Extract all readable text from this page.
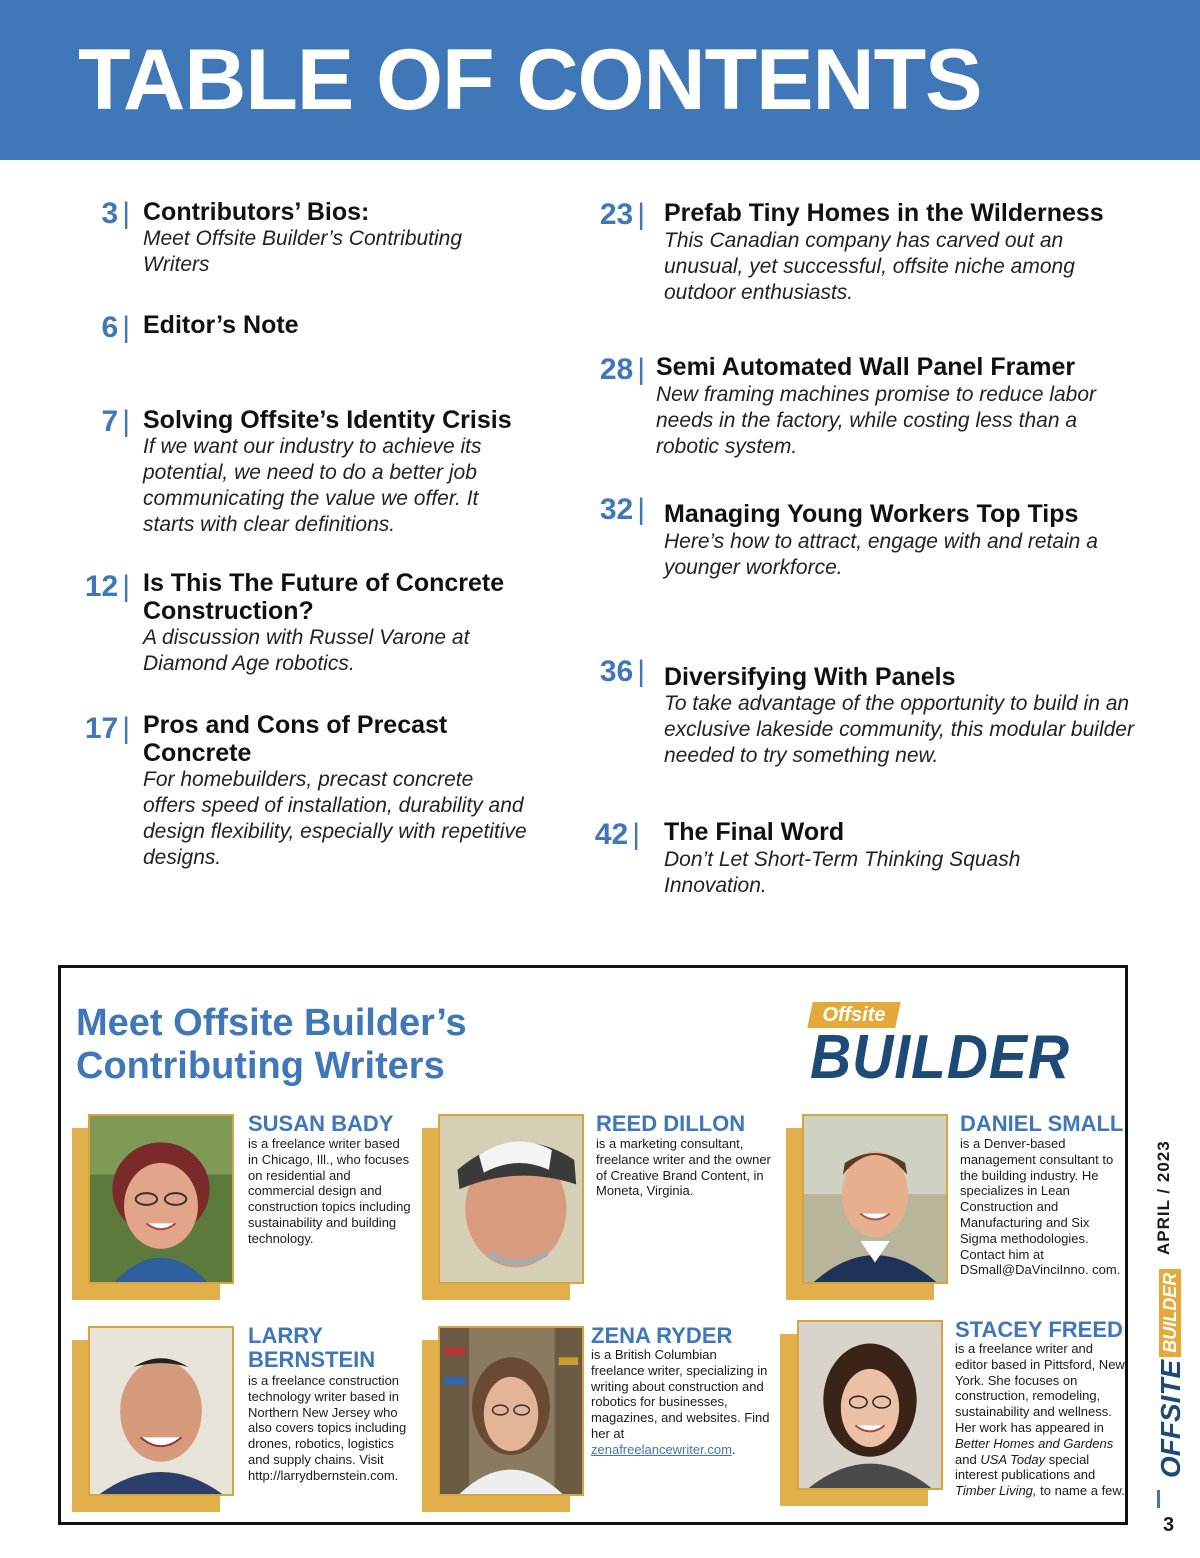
TABLE OF CONTENTS
3 | Contributors’ Bios:
Meet Offsite Builder’s Contributing Writers
6 | Editor’s Note
7 | Solving Offsite’s Identity Crisis
If we want our industry to achieve its potential, we need to do a better job communicating the value we offer. It starts with clear definitions.
12 | Is This The Future of Concrete Construction?
A discussion with Russel Varone at Diamond Age robotics.
17 | Pros and Cons of Precast Concrete
For homebuilders, precast concrete offers speed of installation, durability and design flexibility, especially with repetitive designs.
23 | Prefab Tiny Homes in the Wilderness
This Canadian company has carved out an unusual, yet successful, offsite niche among outdoor enthusiasts.
28 | Semi Automated Wall Panel Framer
New framing machines promise to reduce labor needs in the factory, while costing less than a robotic system.
32 | Managing Young Workers Top Tips
Here’s how to attract, engage with and retain a younger workforce.
36 | Diversifying With Panels
To take advantage of the opportunity to build in an exclusive lakeside community, this modular builder needed to try something new.
42 | The Final Word
Don’t Let Short-Term Thinking Squash Innovation.
Meet Offsite Builder’s
Contributing Writers
Offsite
BUILDER
SUSAN BADY
is a freelance writer based in Chicago, Ill., who focuses on residential and commercial design and construction topics including sustainability and building technology.
REED DILLON
is a marketing consultant, freelance writer and the owner of Creative Brand Content, in Moneta, Virginia.
DANIEL SMALL
is a Denver-based management consultant to the building industry. He specializes in Lean Construction and Manufacturing and Six Sigma methodologies. Contact him at DSmall@DaVinciInno. com.
LARRY
BERNSTEIN
is a freelance construction technology writer based in Northern New Jersey who also covers topics including drones, robotics, logistics and supply chains. Visit http://larrydbernstein.com.
ZENA RYDER
is a British Columbian freelance writer, specializing in writing about construction and robotics for businesses, magazines, and websites. Find her at zenafreelancewriter.com.
STACEY FREED
is a freelance writer and editor based in Pittsford, New York. She focuses on construction, remodeling, sustainability and wellness. Her work has appeared in Better Homes and Gardens and USA Today special interest publications and Timber Living, to name a few.
APRIL / 2023
OFFSITEBUILDER
3
